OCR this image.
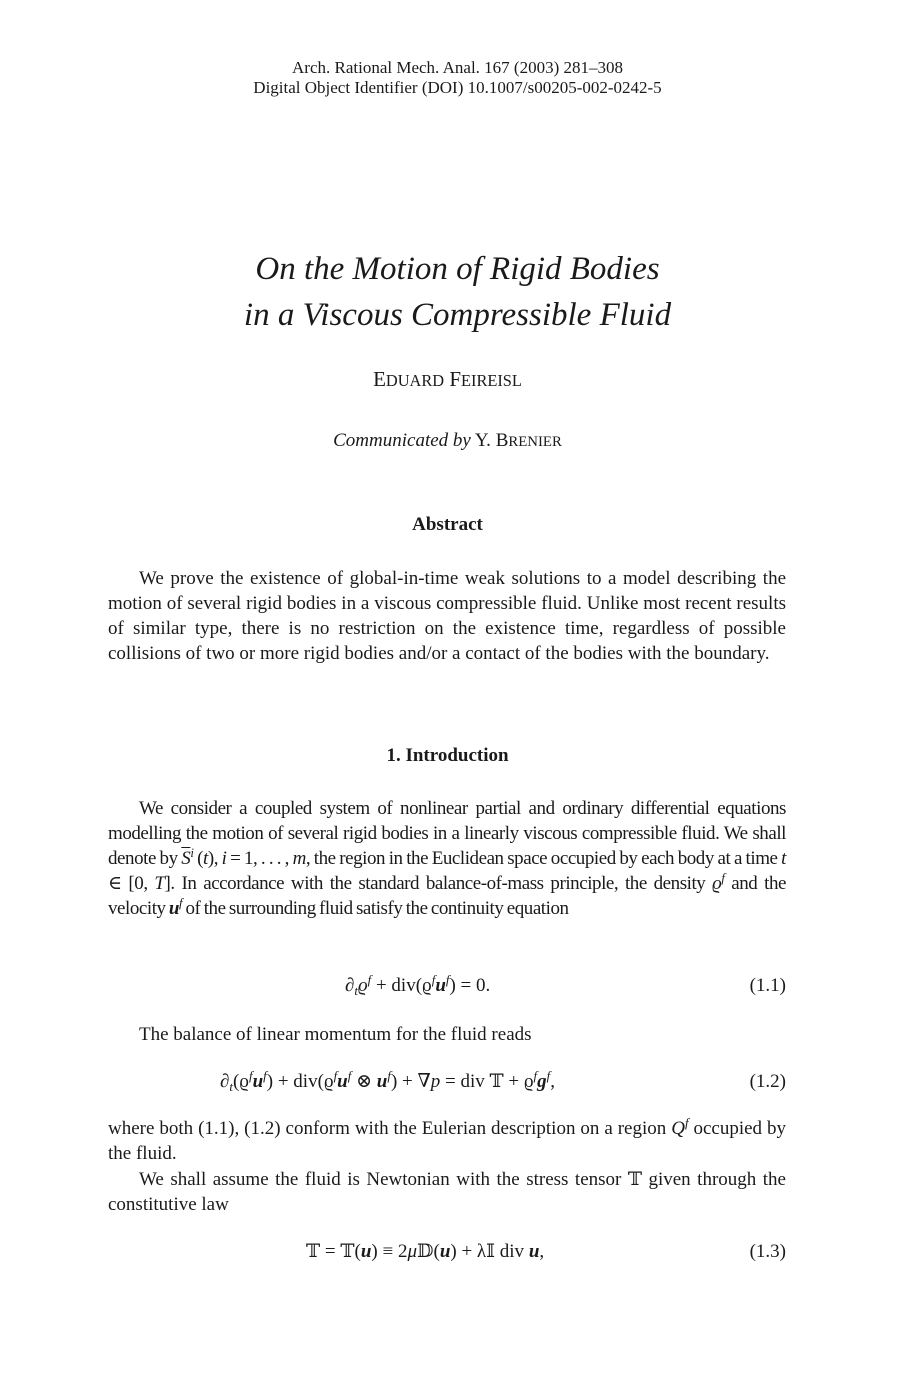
Arch. Rational Mech. Anal. 167 (2003) 281–308
Digital Object Identifier (DOI) 10.1007/s00205-002-0242-5
On the Motion of Rigid Bodies
in a Viscous Compressible Fluid
EDUARD FEIREISL
Communicated by Y. BRENIER
Abstract

We prove the existence of global-in-time weak solutions to a model describing the motion of several rigid bodies in a viscous compressible fluid. Unlike most recent results of similar type, there is no restriction on the existence time, regardless of possible collisions of two or more rigid bodies and/or a contact of the bodies with the boundary.

1. Introduction

We consider a coupled system of nonlinear partial and ordinary differential equations modelling the motion of several rigid bodies in a linearly viscous compressible fluid. We shall denote by $\overline{S}^i$ (t), i = 1, . . . , m, the region in the Euclidean space occupied by each body at a time t ∈ [0, T]. In accordance with the standard balance-of-mass principle, the density $ϱ^f$ and the velocity $u^f$ of the surrounding fluid satisfy the continuity equation

$\partial_tϱ^f + div(ϱ^fu^f) = 0$.	(1.1)

The balance of linear momentum for the fluid reads

$\partial_t(ϱ^fu^f) + div(ϱ^fu^f$ ⊗ $u^f) + \nabla p$ = div 𝕋 + $ϱ^fg^f$,	(1.2)

where both (1.1), (1.2) conform with the Eulerian description on a region $Q^f$ occupied by the fluid.

We shall assume the fluid is Newtonian with the stress tensor 𝕋 given through the constitutive law

𝕋 = 𝕋(u) ≡ 2μ𝔻(u) + λ𝕀 div u,	(1.3)
